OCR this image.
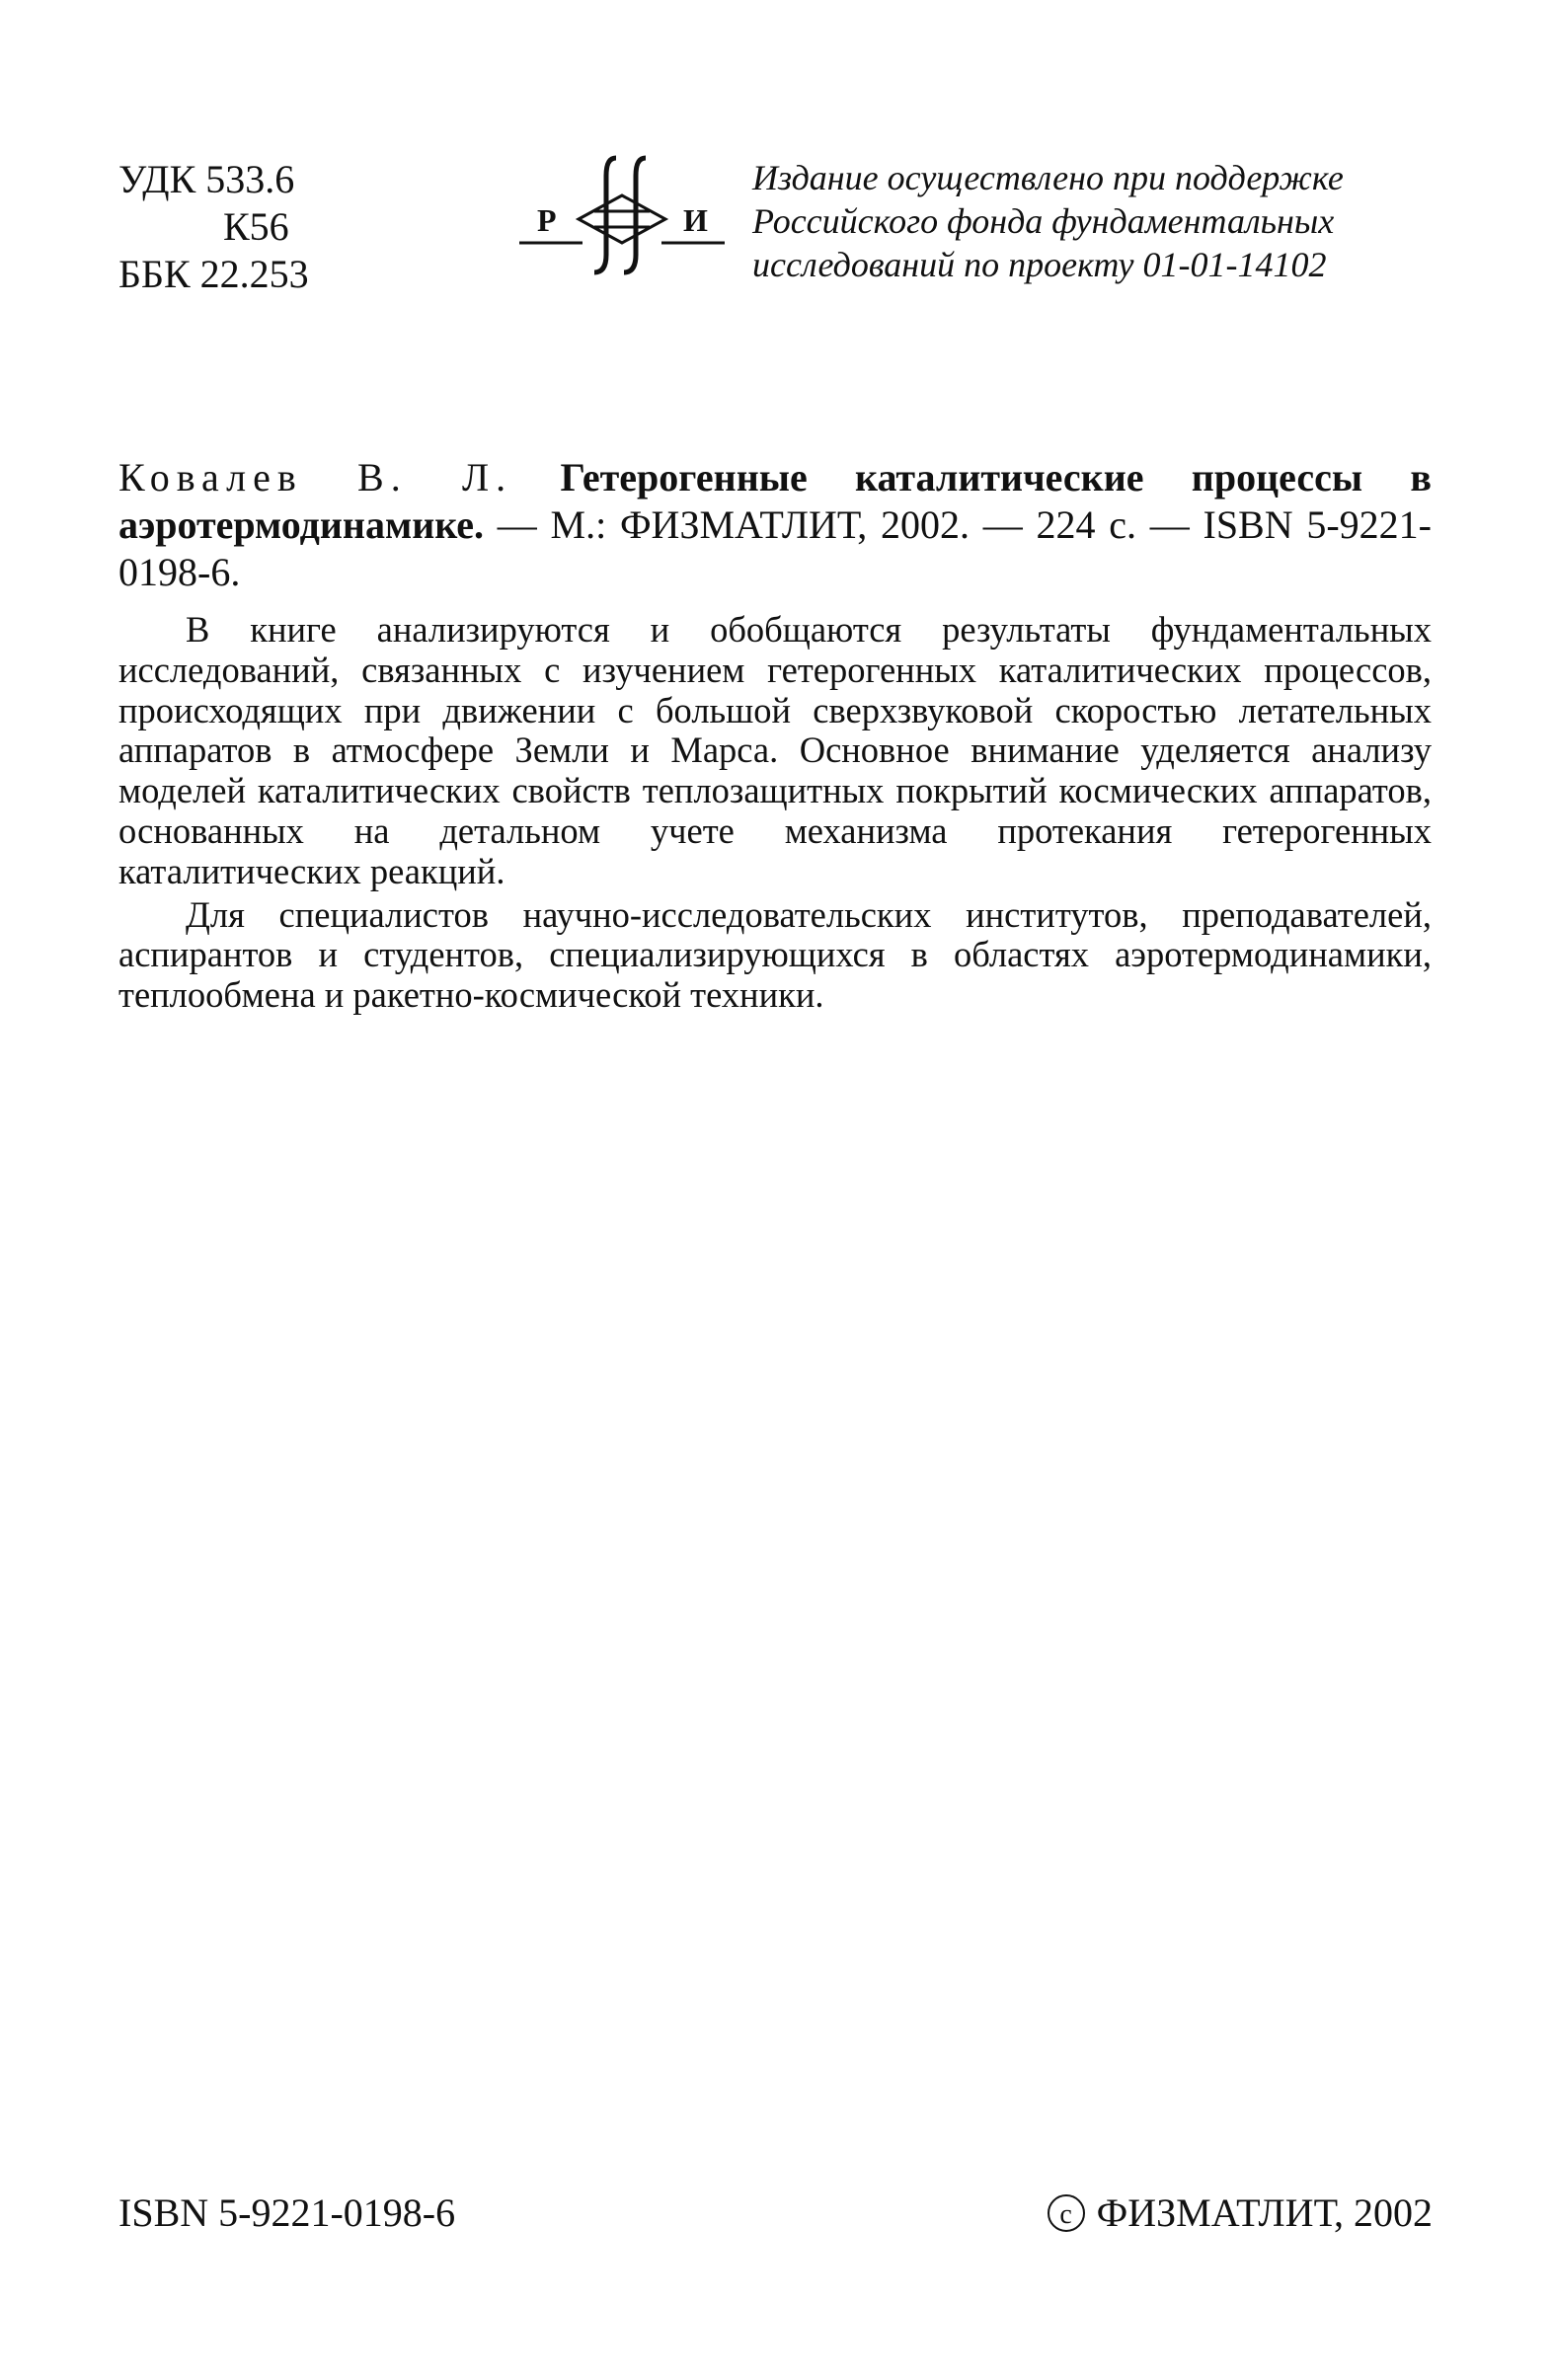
УДК 533.6
К56
ББК 22.253
Р	И
Издание осуществлено при поддержке
Российского фонда фундаментальных
исследований по проекту 01-01-14102
Ковалев В. Л. Гетерогенные каталитические процессы в аэротермодинамике. — М.: ФИЗМАТЛИТ, 2002. — 224 с. — ISBN 5-9221-0198-6.

В книге анализируются и обобщаются результаты фундаментальных исследований, связанных с изучением гетерогенных каталитических процессов, происходящих при движении с большой сверхзвуковой скоростью летательных аппаратов в атмосфере Земли и Марса. Основное внимание уделяется анализу моделей каталитических свойств теплозащитных покрытий космических аппаратов, основанных на детальном учете механизма протекания гетерогенных каталитических реакций.

Для специалистов научно-исследовательских институтов, преподавателей, аспирантов и студентов, специализирующихся в областях аэротермодинамики, теплообмена и ракетно-космической техники.

ISBN 5-9221-0198-6	c ФИЗМАТЛИТ, 2002
